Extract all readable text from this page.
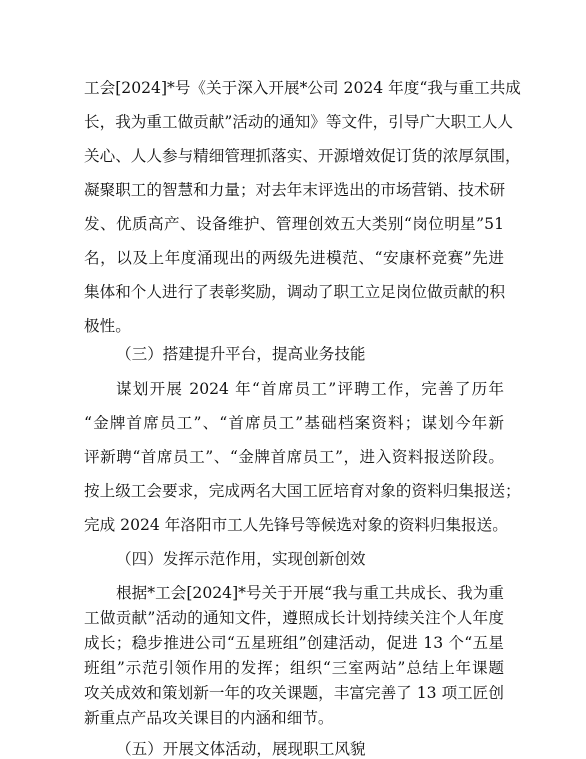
工会[2024]*号《关于深入开展*公司 2024 年度“我与重工共成
长，我为重工做贡献”活动的通知》等文件，引导广大职工人人
关心、人人参与精细管理抓落实、开源增效促订货的浓厚氛围，
凝聚职工的智慧和力量；对去年末评选出的市场营销、技术研
发、优质高产、设备维护、管理创效五大类别“岗位明星”51
名，以及上年度涌现出的两级先进模范、“安康杯竞赛”先进
集体和个人进行了表彰奖励，调动了职工立足岗位做贡献的积
极性。
（三）搭建提升平台，提高业务技能
谋划开展 2024 年“首席员工”评聘工作，完善了历年
“金牌首席员工”、“首席员工”基础档案资料；谋划今年新
评新聘“首席员工”、“金牌首席员工”，进入资料报送阶段。
按上级工会要求，完成两名大国工匠培育对象的资料归集报送；
完成 2024 年洛阳市工人先锋号等候选对象的资料归集报送。
（四）发挥示范作用，实现创新创效
根据*工会[2024]*号关于开展“我与重工共成长、我为重
工做贡献”活动的通知文件，遵照成长计划持续关注个人年度
成长；稳步推进公司“五星班组”创建活动，促进 13 个“五星
班组”示范引领作用的发挥；组织“三室两站”总结上年课题
攻关成效和策划新一年的攻关课题，丰富完善了 13 项工匠创
新重点产品攻关课目的内涵和细节。
（五）开展文体活动，展现职工风貌
